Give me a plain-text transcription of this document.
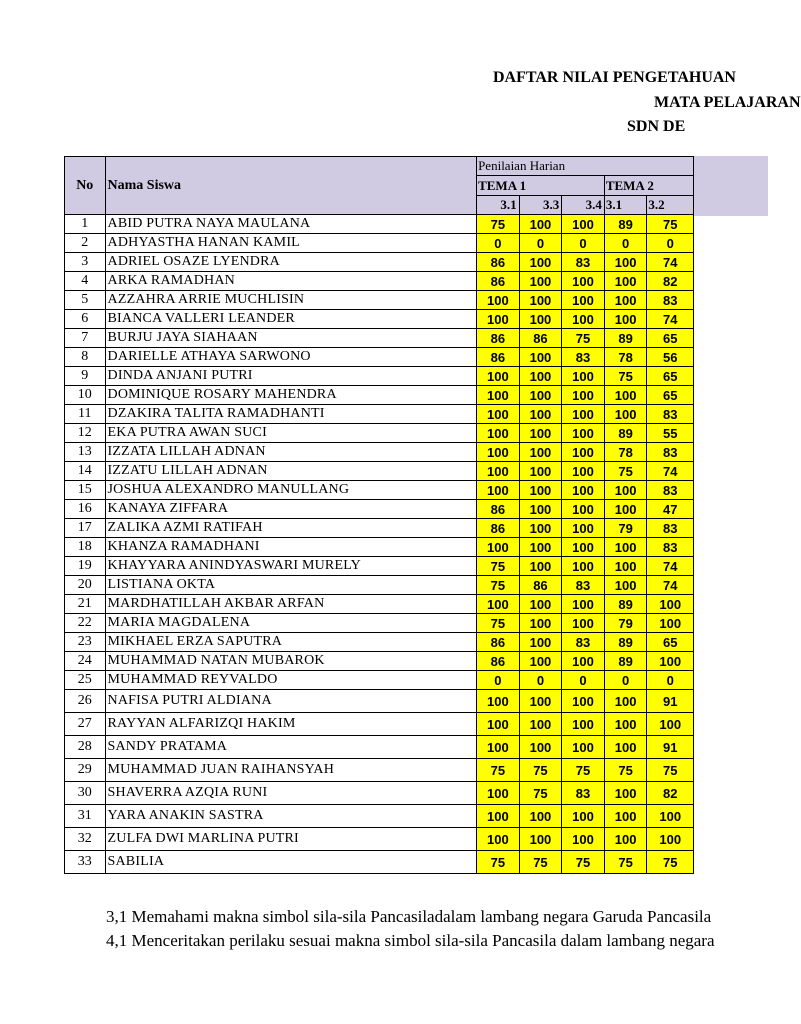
DAFTAR NILAI PENGETAHUAN
MATA PELAJARAN
SDN DE
No	Nama Siswa	Penilaian Harian				
		TEMA 1			TEMA 2	
		3.1	3.3	3.4	3.1	3.2
1	ABID PUTRA NAYA MAULANA	75	100	100	89	75
2	ADHYASTHA HANAN KAMIL	0	0	0	0	0
3	ADRIEL OSAZE LYENDRA	86	100	83	100	74
4	ARKA RAMADHAN	86	100	100	100	82
5	AZZAHRA ARRIE MUCHLISIN	100	100	100	100	83
6	BIANCA VALLERI LEANDER	100	100	100	100	74
7	BURJU JAYA SIAHAAN	86	86	75	89	65
8	DARIELLE ATHAYA SARWONO	86	100	83	78	56
9	DINDA ANJANI PUTRI	100	100	100	75	65
10	DOMINIQUE ROSARY MAHENDRA	100	100	100	100	65
11	DZAKIRA TALITA RAMADHANTI	100	100	100	100	83
12	EKA PUTRA AWAN SUCI	100	100	100	89	55
13	IZZATA LILLAH ADNAN	100	100	100	78	83
14	IZZATU LILLAH ADNAN	100	100	100	75	74
15	JOSHUA ALEXANDRO MANULLANG	100	100	100	100	83
16	KANAYA ZIFFARA	86	100	100	100	47
17	ZALIKA AZMI RATIFAH	86	100	100	79	83
18	KHANZA RAMADHANI	100	100	100	100	83
19	KHAYYARA ANINDYASWARI MURELY	75	100	100	100	74
20	LISTIANA OKTA	75	86	83	100	74
21	MARDHATILLAH AKBAR ARFAN	100	100	100	89	100
22	MARIA MAGDALENA	75	100	100	79	100
23	MIKHAEL ERZA SAPUTRA	86	100	83	89	65
24	MUHAMMAD NATAN MUBAROK	86	100	100	89	100
25	MUHAMMAD REYVALDO	0	0	0	0	0
26	NAFISA PUTRI ALDIANA	100	100	100	100	91
27	RAYYAN ALFARIZQI HAKIM	100	100	100	100	100
28	SANDY PRATAMA	100	100	100	100	91
29	MUHAMMAD JUAN RAIHANSYAH	75	75	75	75	75
30	SHAVERRA AZQIA RUNI	100	75	83	100	82
31	YARA ANAKIN SASTRA	100	100	100	100	100
32	ZULFA DWI MARLINA PUTRI	100	100	100	100	100
33	SABILIA	75	75	75	75	75
3,1 Memahami makna simbol sila-sila Pancasiladalam lambang negara Garuda Pancasila
4,1 Menceritakan perilaku sesuai makna simbol sila-sila Pancasila dalam lambang negara
